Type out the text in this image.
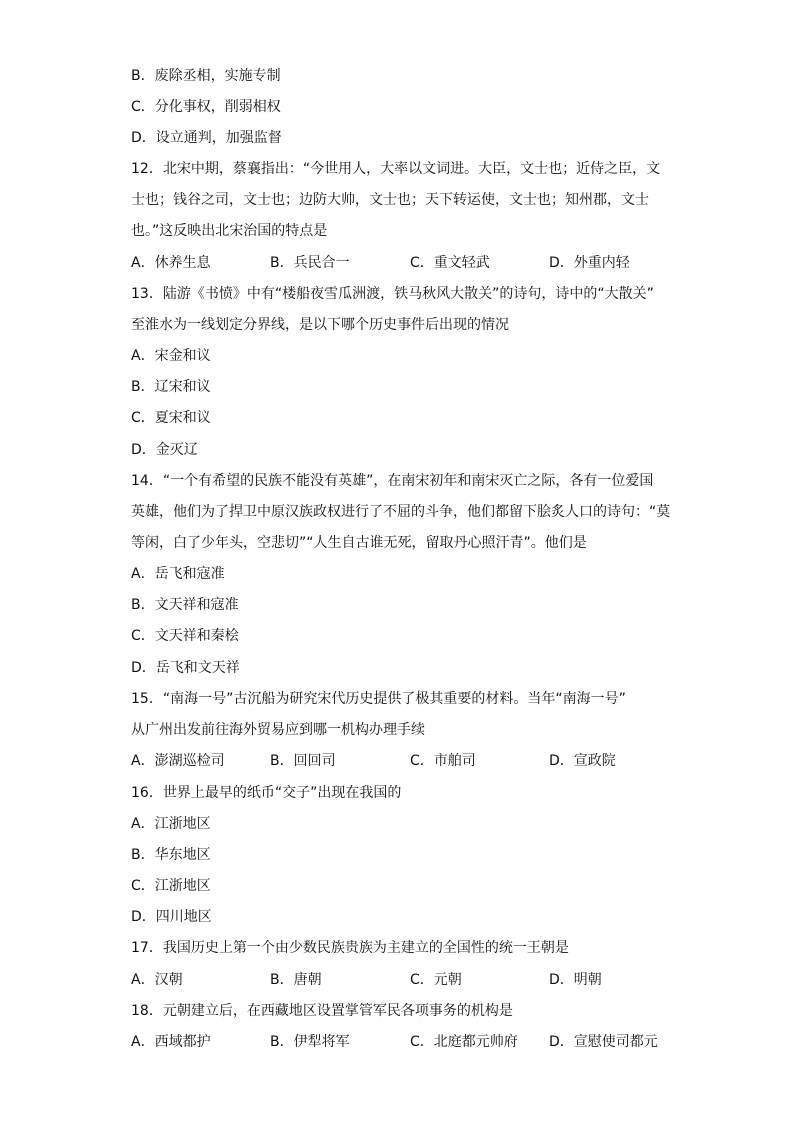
B．废除丞相，实施专制
C．分化事权，削弱相权
D．设立通判，加强监督
12．北宋中期，蔡襄指出：“今世用人，大率以文词进。大臣，文士也；近侍之臣，文
士也；钱谷之司，文士也；边防大帅，文士也；天下转运使，文士也；知州郡，文士
也。”这反映出北宋治国的特点是
A．休养生息	B．兵民合一	C．重文轻武	D．外重内轻
13．陆游《书愤》中有“楼船夜雪瓜洲渡，铁马秋风大散关”的诗句，诗中的“大散关”
至淮水为一线划定分界线，是以下哪个历史事件后出现的情况
A．宋金和议
B．辽宋和议
C．夏宋和议
D．金灭辽
14．“一个有希望的民族不能没有英雄”，在南宋初年和南宋灭亡之际，各有一位爱国
英雄，他们为了捍卫中原汉族政权进行了不屈的斗争，他们都留下脍炙人口的诗句：“莫
等闲，白了少年头，空悲切”“人生自古谁无死，留取丹心照汗青”。他们是
A．岳飞和寇准
B．文天祥和寇准
C．文天祥和秦桧
D．岳飞和文天祥
15．“南海一号”古沉船为研究宋代历史提供了极其重要的材料。当年“南海一号”
从广州出发前往海外贸易应到哪一机构办理手续
A．澎湖巡检司	B．回回司	C．市舶司	D．宣政院
16．世界上最早的纸币“交子”出现在我国的
A．江浙地区
B．华东地区
C．江浙地区
D．四川地区
17．我国历史上第一个由少数民族贵族为主建立的全国性的统一王朝是
A．汉朝	B．唐朝	C．元朝	D．明朝
18．元朝建立后，在西藏地区设置掌管军民各项事务的机构是
A．西域都护	B．伊犁将军	C．北庭都元帅府 D．宣慰使司都元
